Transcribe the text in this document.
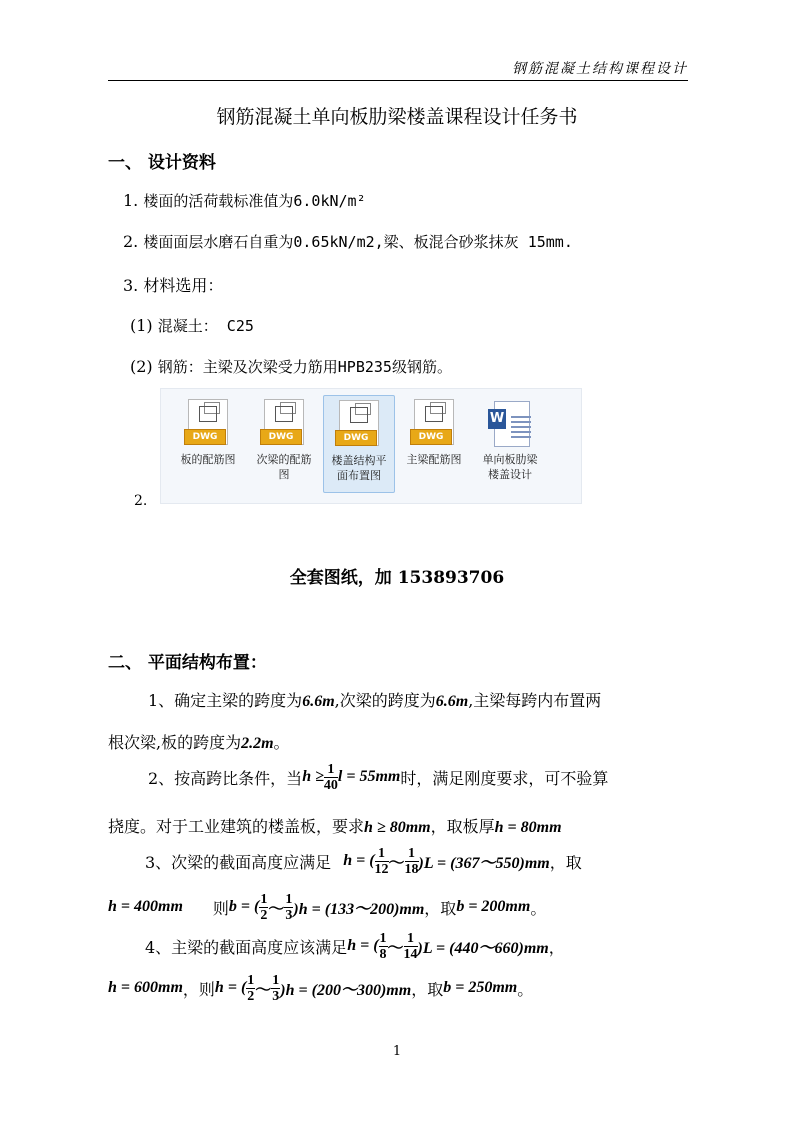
钢筋混凝土结构课程设计
钢筋混凝土单向板肋梁楼盖课程设计任务书
一、 设计资料
1. 楼面的活荷载标准值为6.0kN/m²
2. 楼面面层水磨石自重为0.65kN/m2,梁、板混合砂浆抹灰 15mm.
3. 材料选用：
(1) 混凝土： C25
(2) 钢筋：主梁及次梁受力筋用HPB235级钢筋。
DWG
板的配筋图
DWG
次梁的配筋
图
DWG
楼盖结构平
面布置图
DWG
主梁配筋图
W
单向板肋梁
楼盖设计
2.
全套图纸，加 153893706
二、 平面结构布置：
1、确定主梁的跨度为6.6m,次梁的跨度为6.6m,主梁每跨内布置两
根次梁,板的跨度为2.2m。
2、按高跨比条件，当 $h \ge \frac{1}{40}$ l = 55mm 时，满足刚度要求，可不验算
挠度。对于工业建筑的楼盖板，要求h ≥ 80mm，取板厚h = 80mm
3、次梁的截面高度应满足 h = ( $\frac{1}{12}$ ～ $\frac{1}{18} )L$ = (367～550)mm ，取
h = 400mm 则 b = ( $\frac{1}{2}$ ～ $\frac{1}{3} )h$ = (133～200)mm ，取 b = 200mm 。
4、主梁的截面高度应该满足 h = ( $\frac{1}{8}$ ～ $\frac{1}{14} )L$ = (440～660)mm ，
h = 600mm ，则 h = ( $\frac{1}{2}$ ～ $\frac{1}{3} )h$ = (200～300)mm ，取 b = 250mm 。
1
